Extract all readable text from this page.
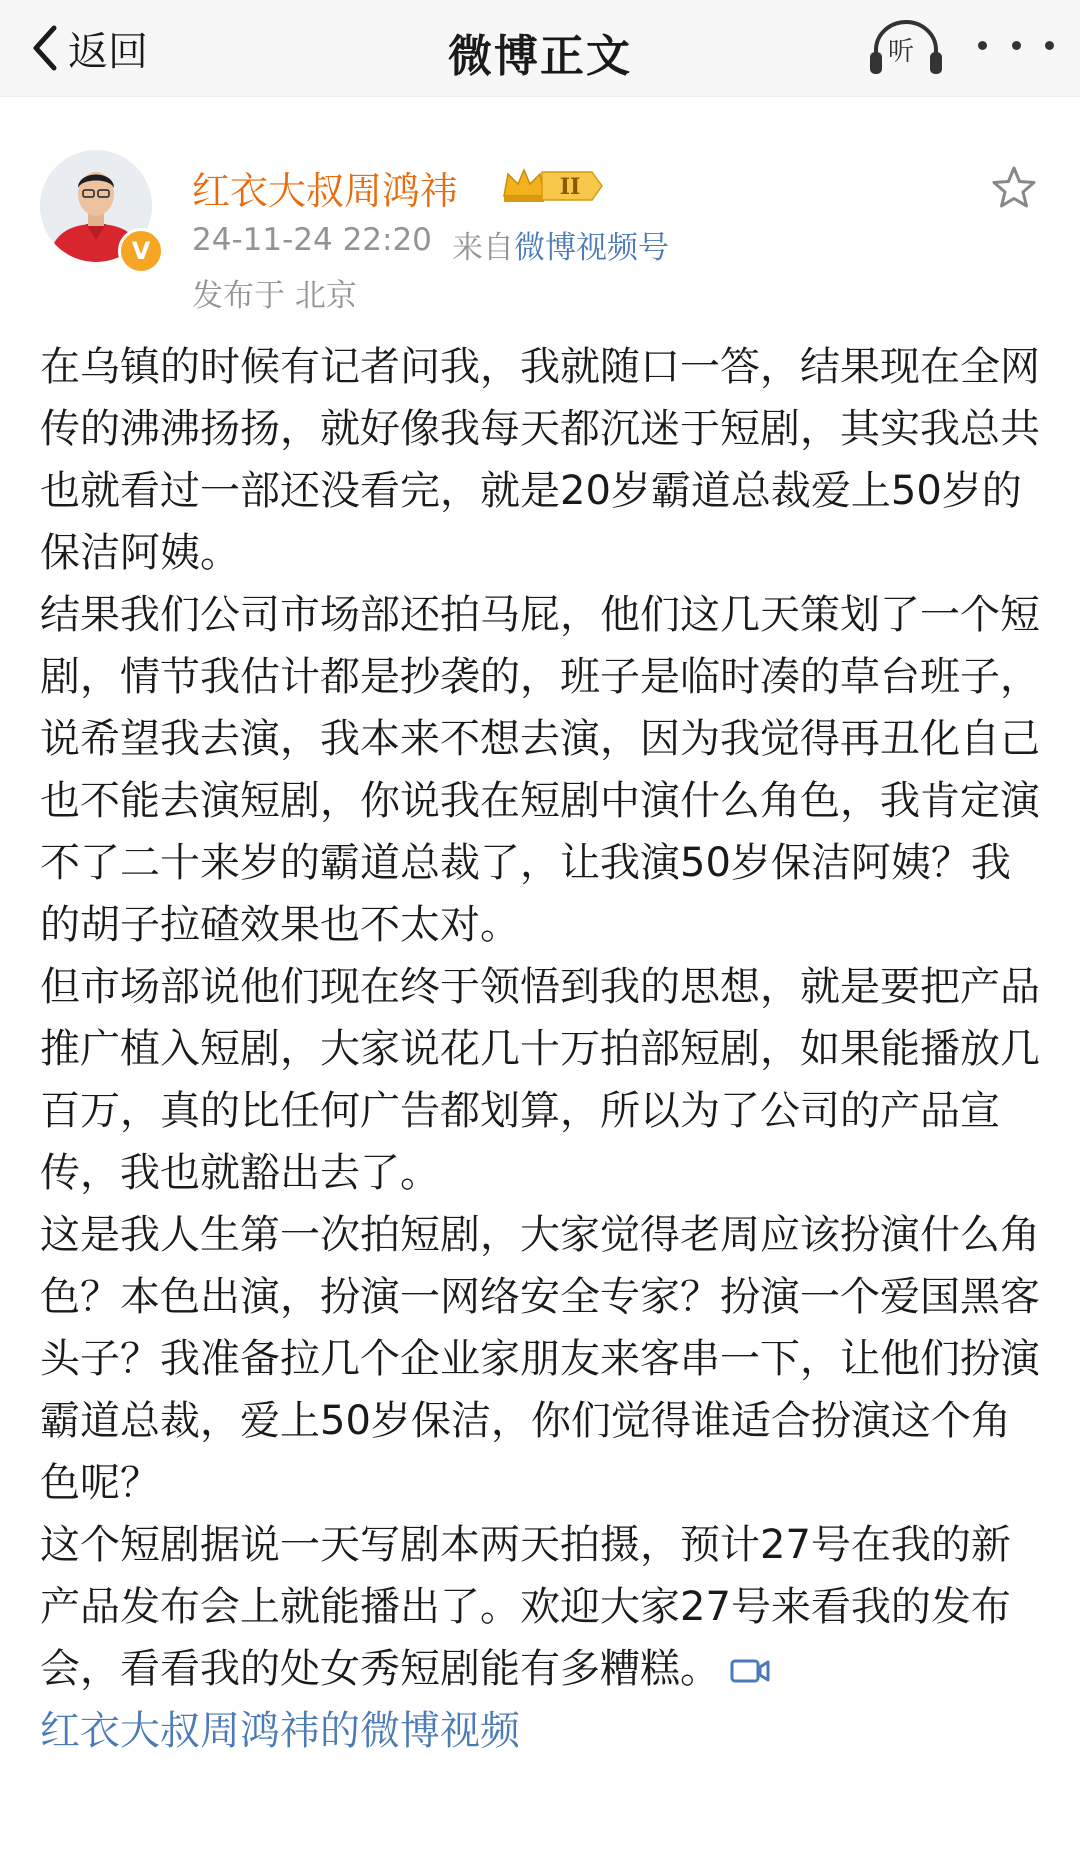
返回	微博正文	听
V
红衣大叔周鸿祎	II
24-11-24 22:20 来自微博视频号
发布于 北京

在乌镇的时候有记者问我，我就随口一答，结果现在全网传的沸沸扬扬，就好像我每天都沉迷于短剧，其实我总共也就看过一部还没看完，就是20岁霸道总裁爱上50岁的保洁阿姨。

结果我们公司市场部还拍马屁，他们这几天策划了一个短剧，情节我估计都是抄袭的，班子是临时凑的草台班子，说希望我去演，我本来不想去演，因为我觉得再丑化自己也不能去演短剧，你说我在短剧中演什么角色，我肯定演不了二十来岁的霸道总裁了，让我演50岁保洁阿姨？我的胡子拉碴效果也不太对。

但市场部说他们现在终于领悟到我的思想，就是要把产品推广植入短剧，大家说花几十万拍部短剧，如果能播放几百万，真的比任何广告都划算，所以为了公司的产品宣传，我也就豁出去了。

这是我人生第一次拍短剧，大家觉得老周应该扮演什么角色？本色出演，扮演一网络安全专家？扮演一个爱国黑客头子？我准备拉几个企业家朋友来客串一下，让他们扮演霸道总裁，爱上50岁保洁，你们觉得谁适合扮演这个角色呢？

这个短剧据说一天写剧本两天拍摄，预计27号在我的新产品发布会上就能播出了。欢迎大家27号来看我的发布会，看看我的处女秀短剧能有多糟糕。

红衣大叔周鸿祎的微博视频
